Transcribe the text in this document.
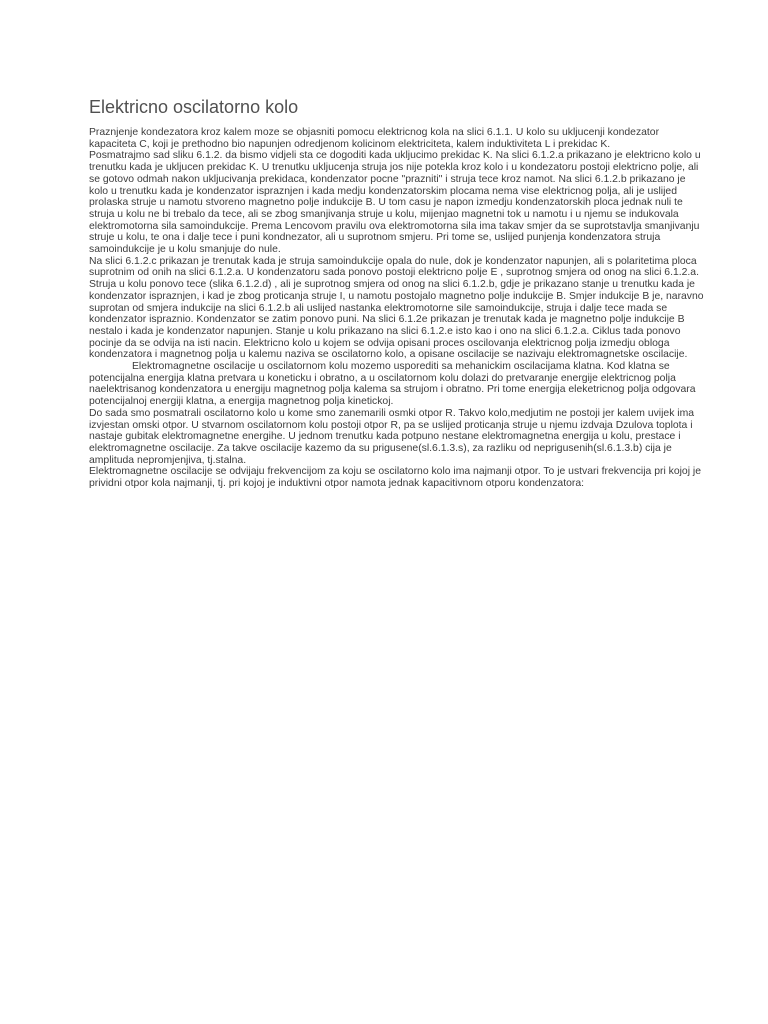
Elektricno oscilatorno kolo

Praznjenje kondezatora kroz kalem moze se objasniti pomocu elektricnog kola na slici 6.1.1. U kolo su ukljucenji kondezator kapaciteta C, koji je prethodno bio napunjen odredjenom kolicinom elektriciteta, kalem induktiviteta L i prekidac K.

Posmatrajmo sad sliku 6.1.2. da bismo vidjeli sta ce dogoditi kada ukljucimo prekidac K. Na slici 6.1.2.a prikazano je elektricno kolo u trenutku kada je ukljucen prekidac K. U trenutku ukljucenja struja jos nije potekla kroz kolo i u kondezatoru postoji elektricno polje, ali se gotovo odmah nakon ukljucivanja prekidaca, kondenzator pocne "prazniti" i struja tece kroz namot. Na slici 6.1.2.b prikazano je kolo u trenutku kada je kondenzator ispraznjen i kada medju kondenzatorskim plocama nema vise elektricnog polja, ali je uslijed prolaska struje u namotu stvoreno magnetno polje indukcije B. U tom casu je napon izmedju kondenzatorskih ploca jednak nuli te struja u kolu ne bi trebalo da tece, ali se zbog smanjivanja struje u kolu, mijenjao magnetni tok u namotu i u njemu se indukovala elektromotorna sila samoindukcije. Prema Lencovom pravilu ova elektromotorna sila ima takav smjer da se suprotstavlja smanjivanju struje u kolu, te ona i dalje tece i puni kondnezator, ali u suprotnom smjeru. Pri tome se, uslijed punjenja kondenzatora struja samoindukcije je u kolu smanjuje do nule.

Na slici 6.1.2.c prikazan je trenutak kada je struja samoindukcije opala do nule, dok je kondenzator napunjen, ali s polaritetima ploca suprotnim od onih na slici 6.1.2.a. U kondenzatoru sada ponovo postoji elektricno polje E , suprotnog smjera od onog na slici 6.1.2.a. Struja u kolu ponovo tece (slika 6.1.2.d) , ali je suprotnog smjera od onog na slici 6.1.2.b, gdje je prikazano stanje u trenutku kada je kondenzator ispraznjen, i kad je zbog proticanja struje I, u namotu postojalo magnetno polje indukcije B. Smjer indukcije B je, naravno suprotan od smjera indukcije na slici 6.1.2.b ali uslijed nastanka elektromotorne sile samoindukcije, struja i dalje tece mada se kondenzator ispraznio. Kondenzator se zatim ponovo puni. Na slici 6.1.2e prikazan je trenutak kada je magnetno polje indukcije B nestalo i kada je kondenzator napunjen. Stanje u kolu prikazano na slici 6.1.2.e isto kao i ono na slici 6.1.2.a. Ciklus tada ponovo pocinje da se odvija na isti nacin. Elektricno kolo u kojem se odvija opisani proces oscilovanja elektricnog polja izmedju obloga kondenzatora i magnetnog polja u kalemu naziva se oscilatorno kolo, a opisane oscilacije se nazivaju elektromagnetske oscilacije.

Elektromagnetne oscilacije u oscilatornom kolu mozemo usporediti sa mehanickim oscilacijama klatna. Kod klatna se potencijalna energija klatna pretvara u koneticku i obratno, a u oscilatornom kolu dolazi do pretvaranje energije elektricnog polja naelektrisanog kondenzatora u energiju magnetnog polja kalema sa strujom i obratno. Pri tome energija eleketricnog polja odgovara potencijalnoj energiji klatna, a energija magnetnog polja kinetickoj.

Do sada smo posmatrali oscilatorno kolo u kome smo zanemarili osmki otpor R. Takvo kolo,medjutim ne postoji jer kalem uvijek ima izvjestan omski otpor. U stvarnom oscilatornom kolu postoji otpor R, pa se uslijed proticanja struje u njemu izdvaja Dzulova toplota i nastaje gubitak elektromagnetne energihe. U jednom trenutku kada potpuno nestane elektromagnetna energija u kolu, prestace i elektromagnetne oscilacije. Za takve oscilacije kazemo da su prigusene(sl.6.1.3.s), za razliku od neprigusenih(sl.6.1.3.b) cija je amplituda nepromjenjiva, tj.stalna.

Elektromagnetne oscilacije se odvijaju frekvencijom za koju se oscilatorno kolo ima najmanji otpor. To je ustvari frekvencija pri kojoj je prividni otpor kola najmanji, tj. pri kojoj je induktivni otpor namota jednak kapacitivnom otporu kondenzatora:
